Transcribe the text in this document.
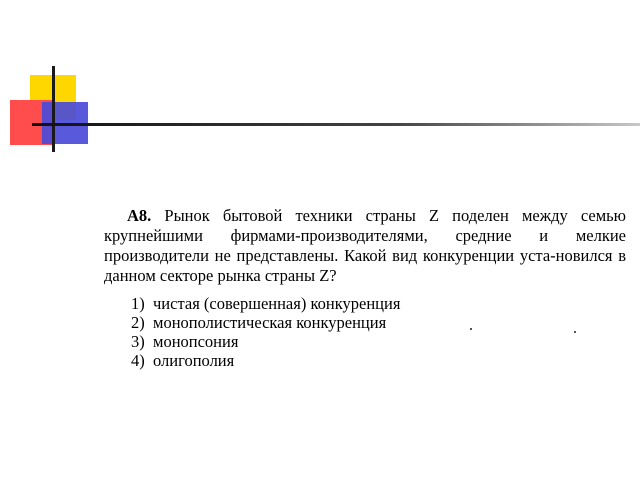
А8. Рынок бытовой техники страны Z поделен между семью крупнейшими фирмами-производителями, средние и мелкие производители не представлены. Какой вид конкуренции уста-новился в данном секторе рынка страны Z?

1) чистая (совершенная) конкуренция
2) монополистическая конкуренция
3) монопсония
4) олигополия
